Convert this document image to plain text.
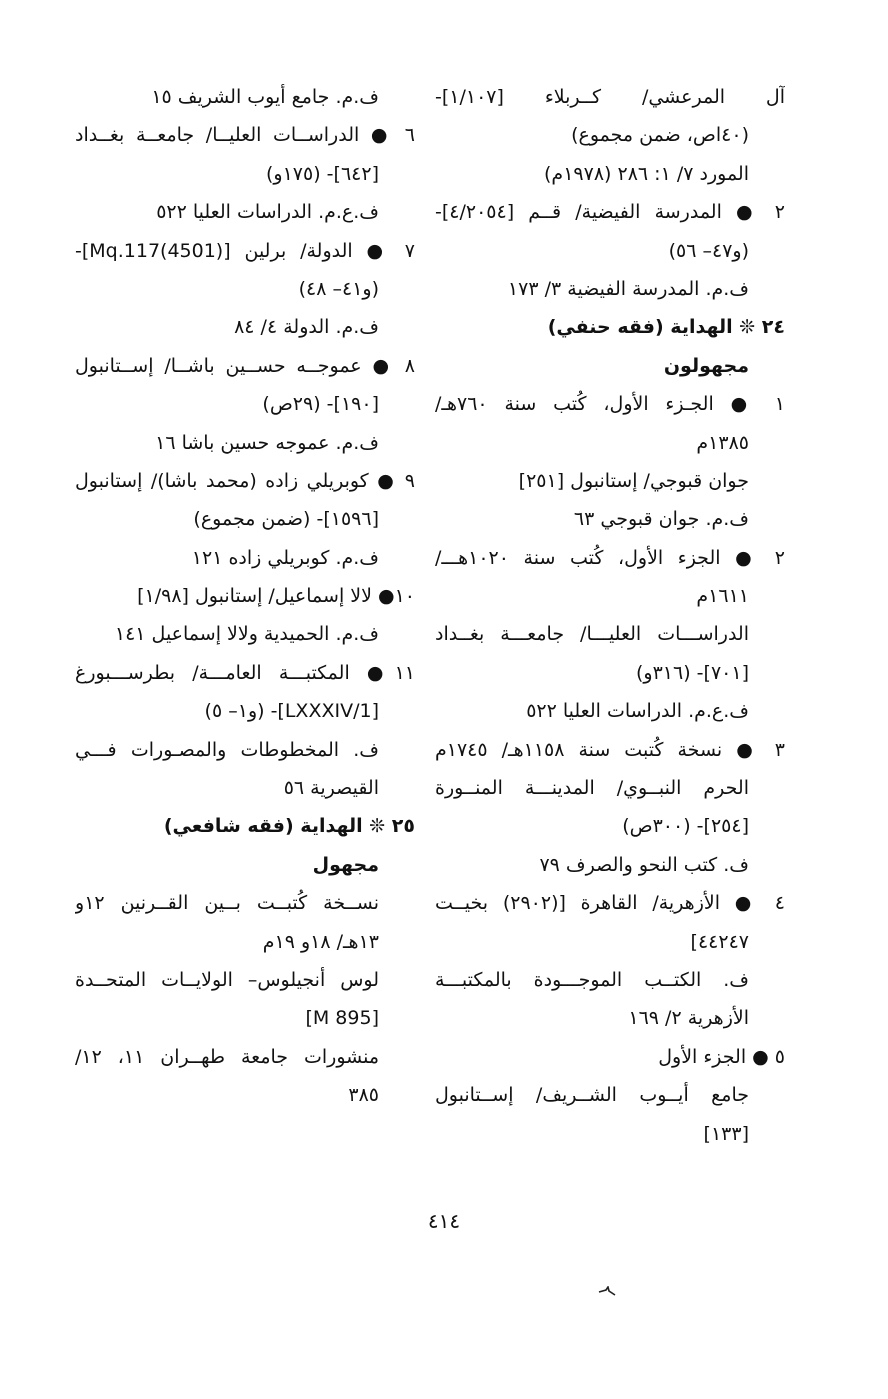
آل المرعشي/ كــربلاء [١/١٠٧]-
(٤٠اص، ضمن مجموع)
المورد ٧/ ١: ٢٨٦ (١٩٧٨م)
٢ ● المدرسة الفيضية/ قــم [٤/٢٠٥٤]-
(و٤٧– ٥٦)
ف.م. المدرسة الفيضية ٣/ ١٧٣
٢٤ ❊ الهداية (فقه حنفي)
مجهولون
١ ● الجـزء الأول، كُتب سنة ٧٦٠هـ/
١٣٨٥م
جوان قبوجي/ إستانبول [٢٥١]
ف.م. جوان قبوجي ٦٣
٢ ● الجزء الأول، كُتب سنة ١٠٢٠هـــ/
١٦١١م
الدراســـات العليـــا/ جامعـــة بغــداد
[٧٠١]- (٣١٦و)
ف.ع.م. الدراسات العليا ٥٢٢
٣ ● نسخة كُتبت سنة ١١٥٨هـ/ ١٧٤٥م
الحرم النبــوي/ المدينـــة المنــورة
[٢٥٤]- (٣٠٠ص)
ف. كتب النحو والصرف ٧٩
٤ ● الأزهرية/ القاهرة [(٢٩٠٢) بخيــت
٤٤٢٤٧]
ف. الكتــب الموجـــودة بالمكتبـــة
الأزهرية ٢/ ١٦٩
٥ ● الجزء الأول
جامع أيــوب الشــريف/ إســتانبول
[١٣٣]
ف.م. جامع أيوب الشريف ١٥
٦ ● الدراســات العليــا/ جامعــة بغــداد
[٦٤٢]- (١٧٥و)
ف.ع.م. الدراسات العليا ٥٢٢
٧ ● الدولة/ برلين [Mq.117(4501)]-
(و٤١– ٤٨)
ف.م. الدولة ٤/ ٨٤
٨ ● عموجــه حســين باشــا/ إســتانبول
[١٩٠]- (٢٩ص)
ف.م. عموجه حسين باشا ١٦
٩ ● كوبريلي زاده (محمد باشا)/ إستانبول
[١٥٩٦]- (ضمن مجموع)
ف.م. كوبريلي زاده ١٢١
١٠● لالا إسماعيل/ إستانبول [١/٩٨]
ف.م. الحميدية ولالا إسماعيل ١٤١
١١● المكتبـــة العامـــة/ بطرســـبورغ
[LXXXIV/1]- (و١– ٥)
ف. المخطوطات والمصـورات فـــي
القيصرية ٥٦
٢٥ ❊ الهداية (فقه شافعي)
مجهول
نســخة كُتبــت بــين القــرنين ١٢و
١٣هـ/ ١٨و ١٩م
لوس أنجيلوس– الولايــات المتحــدة
[M 895]
منشورات جامعة طهــران ١١، ١٢/
٣٨٥
٤١٤
